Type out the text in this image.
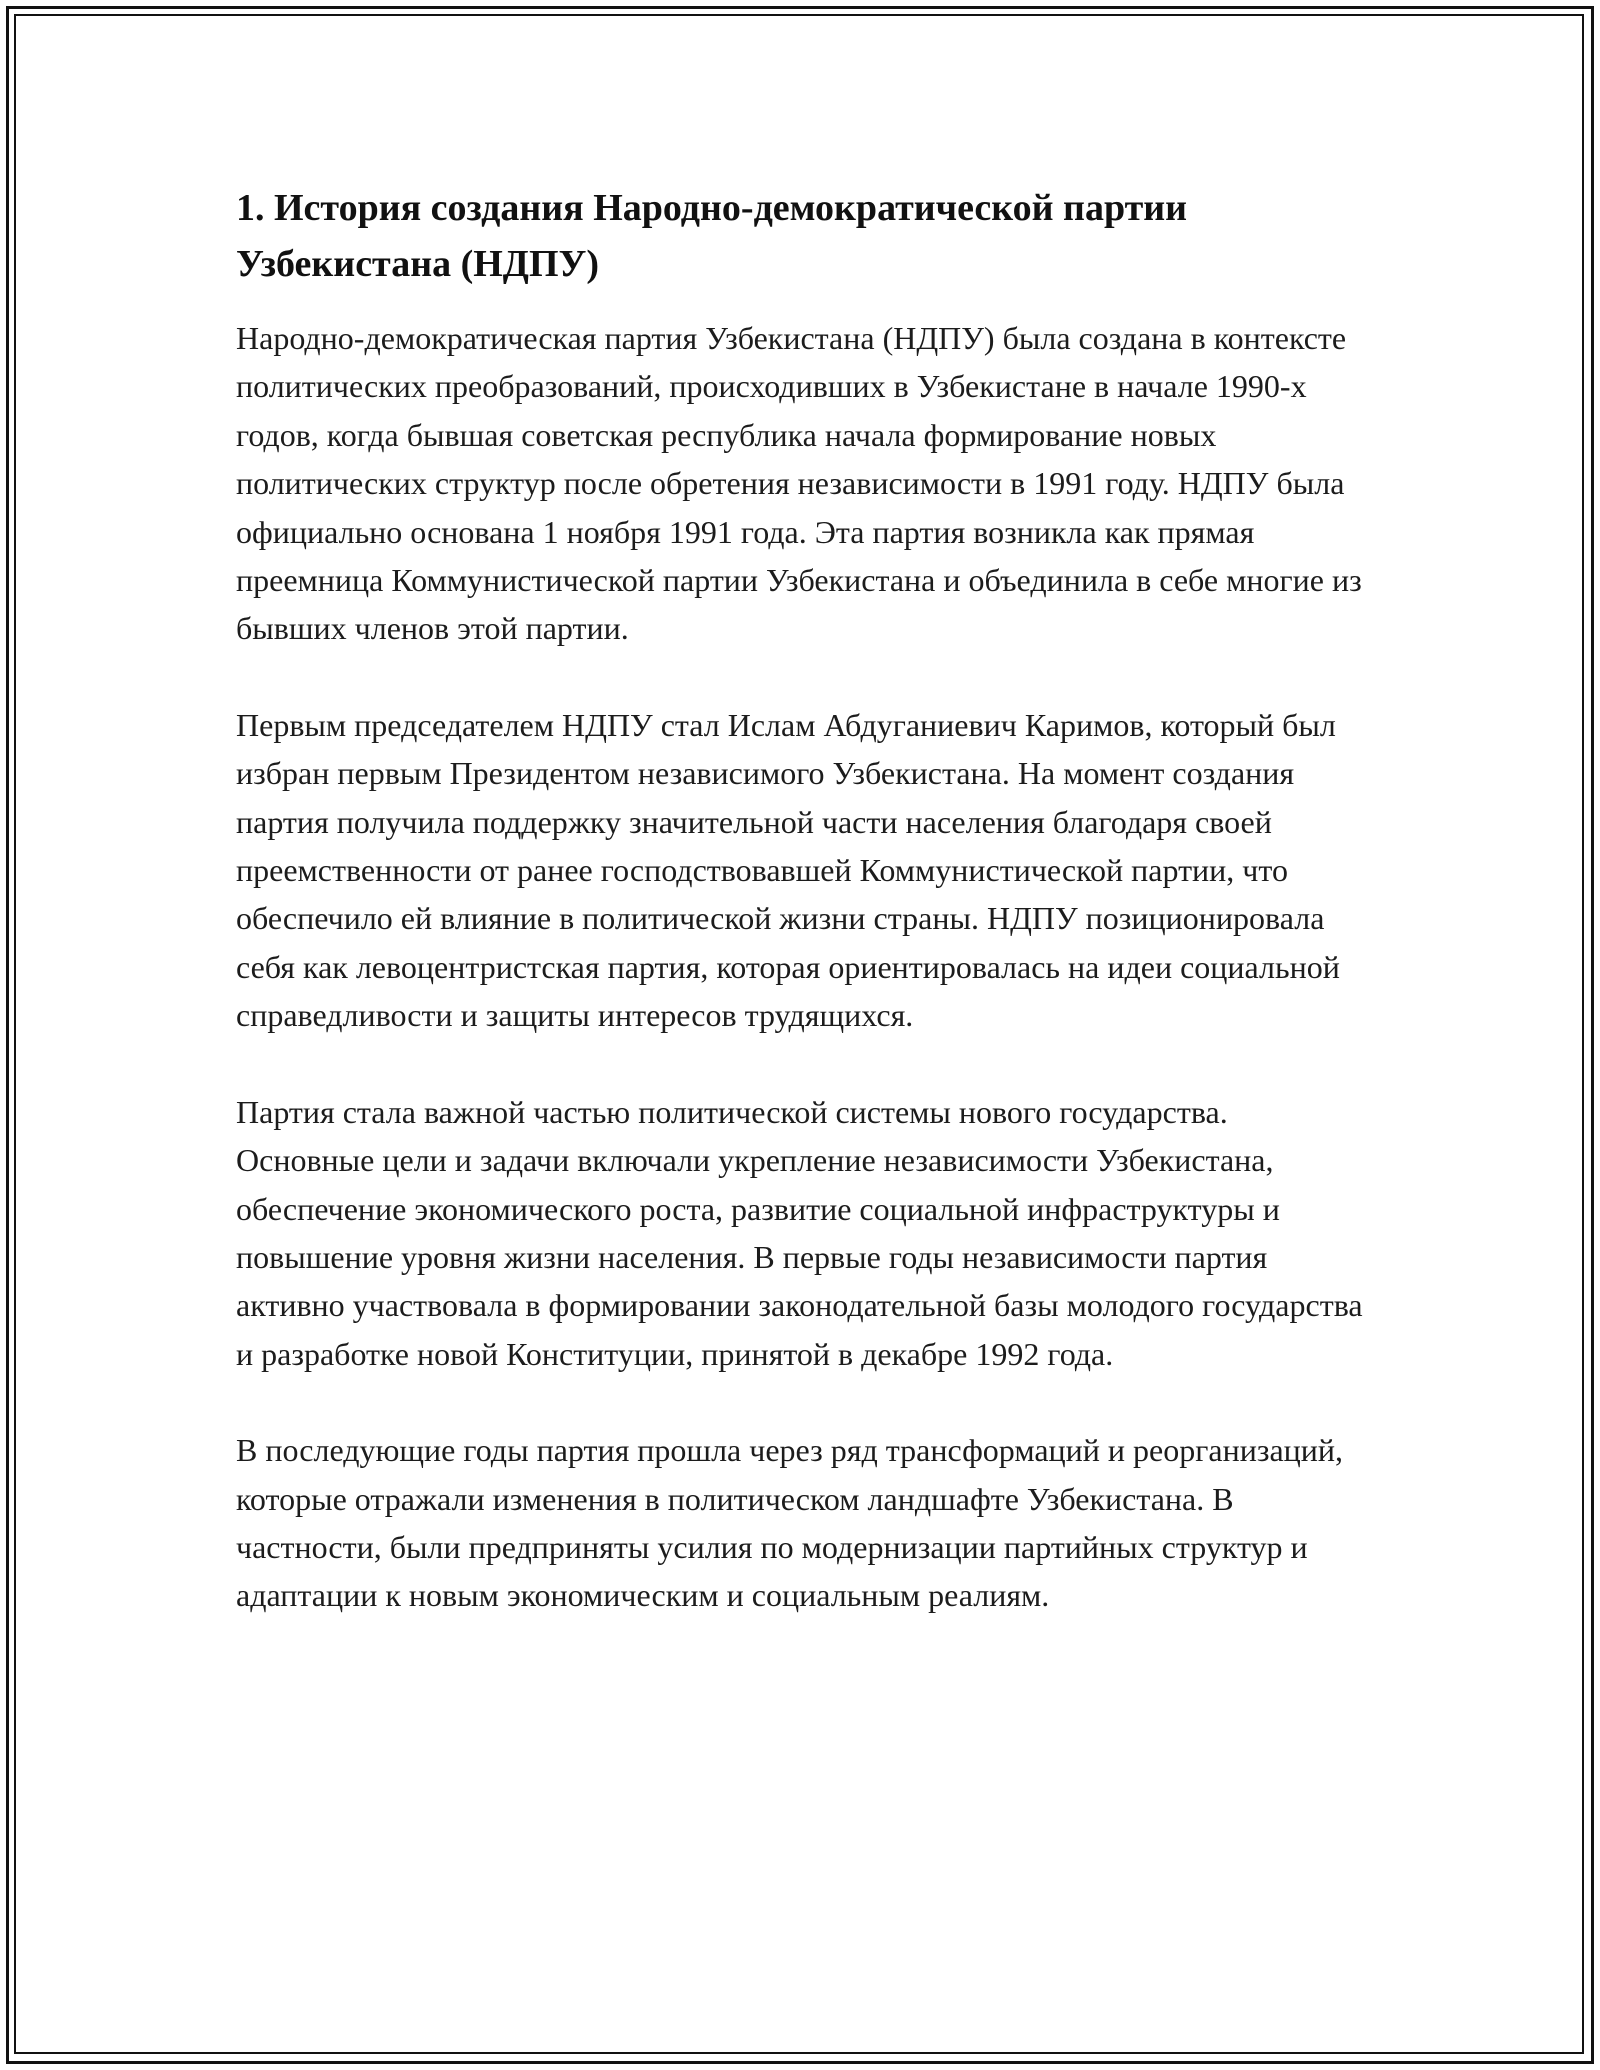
1. История создания Народно-демократической партии Узбекистана (НДПУ)

Народно-демократическая партия Узбекистана (НДПУ) была создана в контексте политических преобразований, происходивших в Узбекистане в начале 1990-х годов, когда бывшая советская республика начала формирование новых политических структур после обретения независимости в 1991 году. НДПУ была официально основана 1 ноября 1991 года. Эта партия возникла как прямая преемница Коммунистической партии Узбекистана и объединила в себе многие из бывших членов этой партии.

Первым председателем НДПУ стал Ислам Абдуганиевич Каримов, который был избран первым Президентом независимого Узбекистана. На момент создания партия получила поддержку значительной части населения благодаря своей преемственности от ранее господствовавшей Коммунистической партии, что обеспечило ей влияние в политической жизни страны. НДПУ позиционировала себя как левоцентристская партия, которая ориентировалась на идеи социальной справедливости и защиты интересов трудящихся.

Партия стала важной частью политической системы нового государства. Основные цели и задачи включали укрепление независимости Узбекистана, обеспечение экономического роста, развитие социальной инфраструктуры и повышение уровня жизни населения. В первые годы независимости партия активно участвовала в формировании законодательной базы молодого государства и разработке новой Конституции, принятой в декабре 1992 года.

В последующие годы партия прошла через ряд трансформаций и реорганизаций, которые отражали изменения в политическом ландшафте Узбекистана. В частности, были предприняты усилия по модернизации партийных структур и адаптации к новым экономическим и социальным реалиям.
